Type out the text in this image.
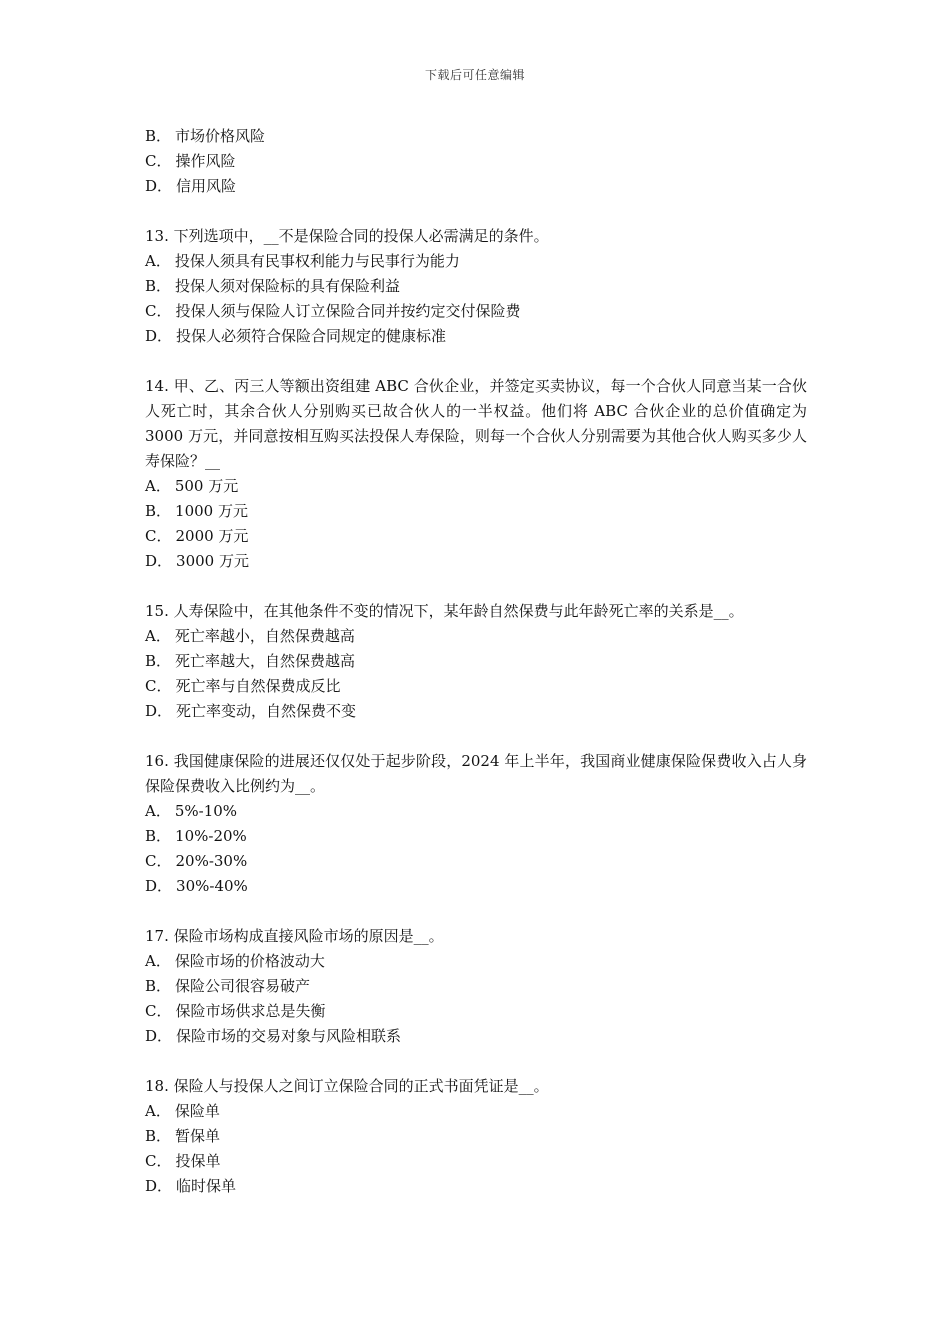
下载后可任意编辑

B． 市场价格风险

C． 操作风险

D． 信用风险

13. 下列选项中，__不是保险合同的投保人必需满足的条件。

A． 投保人须具有民事权利能力与民事行为能力

B． 投保人须对保险标的具有保险利益

C． 投保人须与保险人订立保险合同并按约定交付保险费

D． 投保人必须符合保险合同规定的健康标准

14. 甲、乙、丙三人等额出资组建 ABC 合伙企业，并签定买卖协议，每一个合伙人同意当某一合伙人死亡时，其余合伙人分别购买已故合伙人的一半权益。他们将 ABC 合伙企业的总价值确定为 3000 万元，并同意按相互购买法投保人寿保险，则每一个合伙人分别需要为其他合伙人购买多少人寿保险？__

A． 500 万元

B． 1000 万元

C． 2000 万元

D． 3000 万元

15. 人寿保险中，在其他条件不变的情况下，某年龄自然保费与此年龄死亡率的关系是__。

A． 死亡率越小，自然保费越高

B． 死亡率越大，自然保费越高

C． 死亡率与自然保费成反比

D． 死亡率变动，自然保费不变

16. 我国健康保险的进展还仅仅处于起步阶段，2024 年上半年，我国商业健康保险保费收入占人身保险保费收入比例约为__。

A． 5%-10%

B． 10%-20%

C． 20%-30%

D． 30%-40%

17. 保险市场构成直接风险市场的原因是__。

A． 保险市场的价格波动大

B． 保险公司很容易破产

C． 保险市场供求总是失衡

D． 保险市场的交易对象与风险相联系

18. 保险人与投保人之间订立保险合同的正式书面凭证是__。

A． 保险单

B． 暂保单

C． 投保单

D． 临时保单
